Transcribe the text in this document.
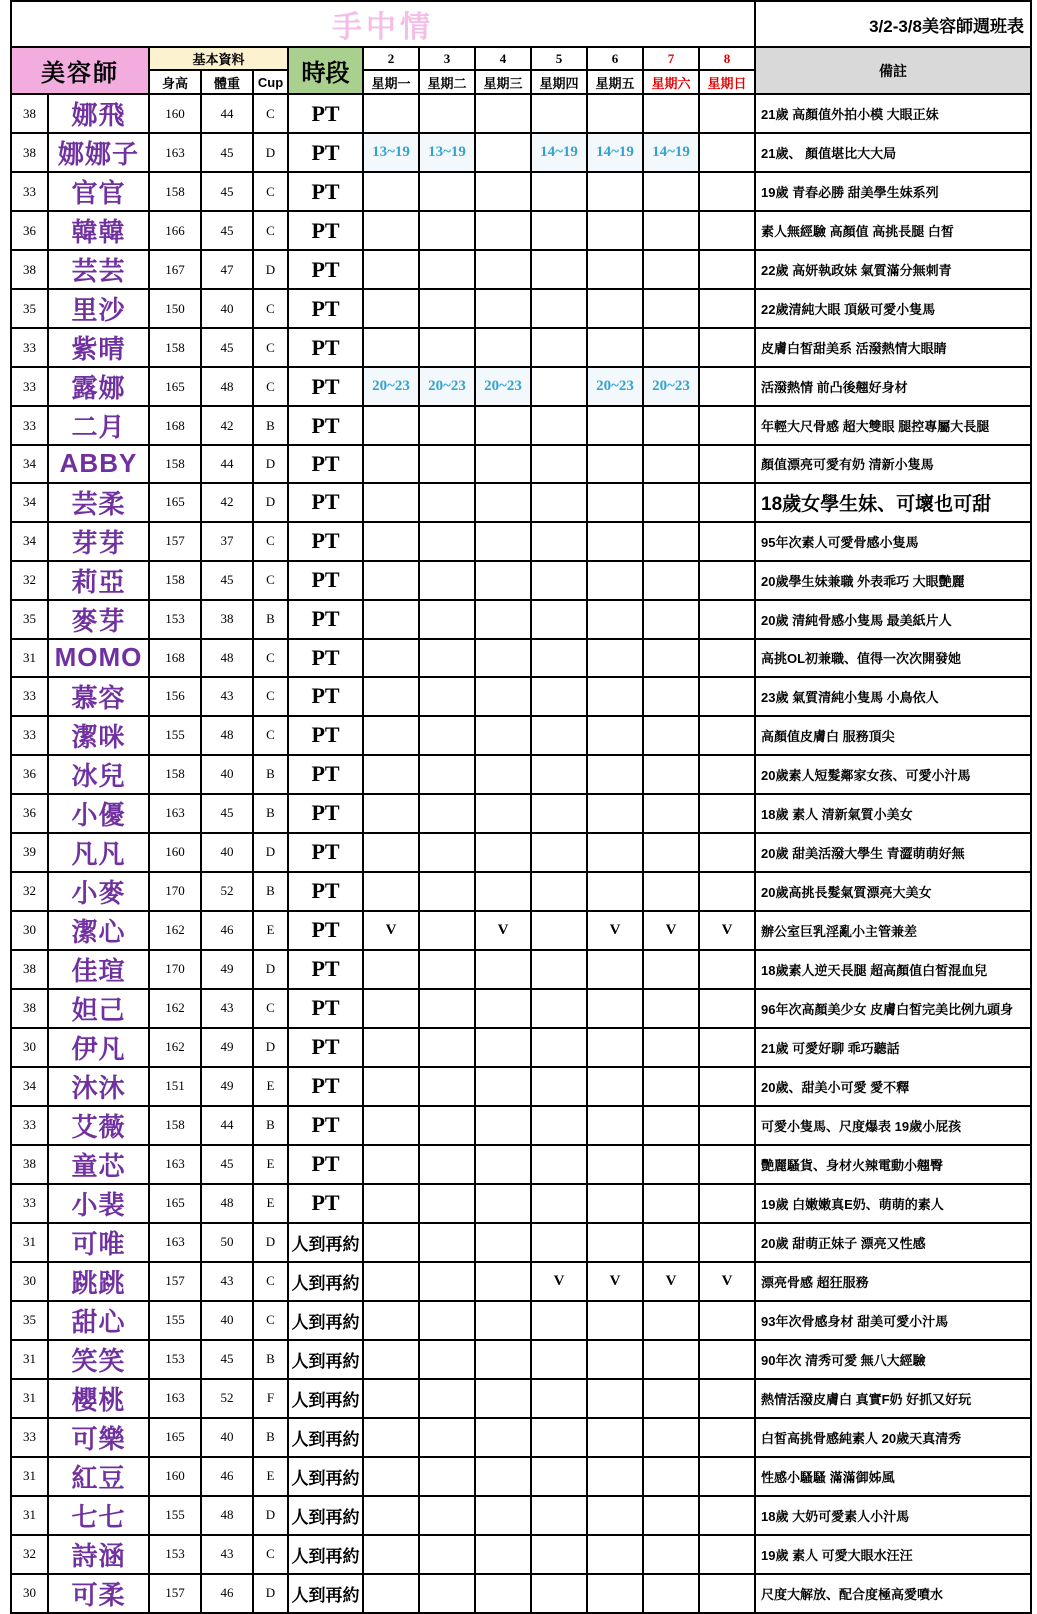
手中情													3/2-3/8美容師週班表
美容師		基本資料			時段	2	3	4	5	6	7	8	備註
		身高	體重	Cup		星期一	星期二	星期三	星期四	星期五	星期六	星期日	
38	娜飛	160	44	C	PT								21歲 高顏值外拍小模 大眼正妹
38	娜娜子	163	45	D	PT	13~19	13~19		14~19	14~19	14~19		21歲、 顏值堪比大大局
33	官官	158	45	C	PT								19歲 青春必勝 甜美學生妹系列
36	韓韓	166	45	C	PT								素人無經驗 高顏值 高挑長腿 白皙
38	芸芸	167	47	D	PT								22歲 高妍執政妹 氣質滿分無刺青
35	里沙	150	40	C	PT								22歲清純大眼 頂級可愛小隻馬
33	紫晴	158	45	C	PT								皮膚白皙甜美系 活潑熱情大眼睛
33	露娜	165	48	C	PT	20~23	20~23	20~23		20~23	20~23		活潑熱情 前凸後翹好身材
33	二月	168	42	B	PT								年輕大尺骨感 超大雙眼 腿控專屬大長腿
34	ABBY	158	44	D	PT								顏值漂亮可愛有奶 清新小隻馬
34	芸柔	165	42	D	PT								18歲女學生妹、可壞也可甜
34	芽芽	157	37	C	PT								95年次素人可愛骨感小隻馬
32	莉亞	158	45	C	PT								20歲學生妹兼職 外表乖巧 大眼艷麗
35	麥芽	153	38	B	PT								20歲 清純骨感小隻馬 最美紙片人
31	MOMO	168	48	C	PT								高挑OL初兼職、值得一次次開發她
33	慕容	156	43	C	PT								23歲 氣質清純小隻馬 小鳥依人
33	潔咪	155	48	C	PT								高顏值皮膚白 服務頂尖
36	冰兒	158	40	B	PT								20歲素人短髮鄰家女孩、可愛小汁馬
36	小優	163	45	B	PT								18歲 素人 清新氣質小美女
39	凡凡	160	40	D	PT								20歲 甜美活潑大學生 青澀萌萌好無
32	小麥	170	52	B	PT								20歲高挑長髮氣質漂亮大美女
30	潔心	162	46	E	PT	V		V		V	V	V	辦公室巨乳淫亂小主管兼差
38	佳瑄	170	49	D	PT								18歲素人逆天長腿 超高顏值白皙混血兒
38	妲己	162	43	C	PT								96年次高顏美少女 皮膚白皙完美比例九頭身
30	伊凡	162	49	D	PT								21歲 可愛好聊 乖巧聽話
34	沐沐	151	49	E	PT								20歲、甜美小可愛 愛不釋
33	艾薇	158	44	B	PT								可愛小隻馬、尺度爆表 19歲小屁孩
38	童芯	163	45	E	PT								艷麗騷貨、身材火辣電動小翹臀
33	小裴	165	48	E	PT								19歲 白嫩嫩真E奶、萌萌的素人
31	可唯	163	50	D	人到再約								20歲 甜萌正妹子 漂亮又性感
30	跳跳	157	43	C	人到再約				V	V	V	V	漂亮骨感 超狂服務
35	甜心	155	40	C	人到再約								93年次骨感身材 甜美可愛小汁馬
31	笑笑	153	45	B	人到再約								90年次 清秀可愛 無八大經驗
31	櫻桃	163	52	F	人到再約								熱情活潑皮膚白 真實F奶 好抓又好玩
33	可樂	165	40	B	人到再約								白皙高挑骨感純素人 20歲天真清秀
31	紅豆	160	46	E	人到再約								性感小騷騷 滿滿御姊風
31	七七	155	48	D	人到再約								18歲 大奶可愛素人小汁馬
32	詩涵	153	43	C	人到再約								19歲 素人 可愛大眼水汪汪
30	可柔	157	46	D	人到再約								尺度大解放、配合度極高愛噴水
